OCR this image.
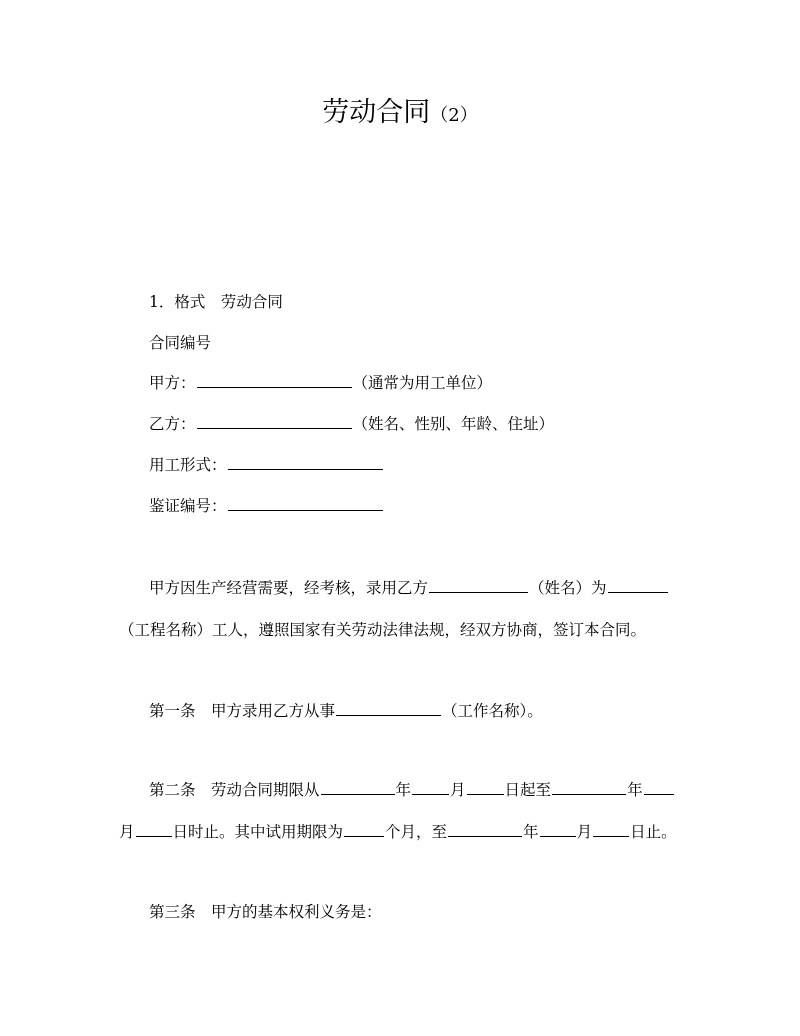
劳动合同（2）
1．格式　劳动合同
合同编号
甲方：	（通常为用工单位）
乙方：	（姓名、性别、年龄、住址）
用工形式：
鉴证编号：
甲方因生产经营需要，经考核，录用乙方	（姓名）为
（工程名称）工人，遵照国家有关劳动法律法规，经双方协商，签订本合同。
第一条　甲方录用乙方从事	（工作名称）。
第二条　劳动合同期限从	年	月	日起至	年
月 日时止。其中试用期限为	个月，至	年 月 日止。
第三条　甲方的基本权利义务是：
